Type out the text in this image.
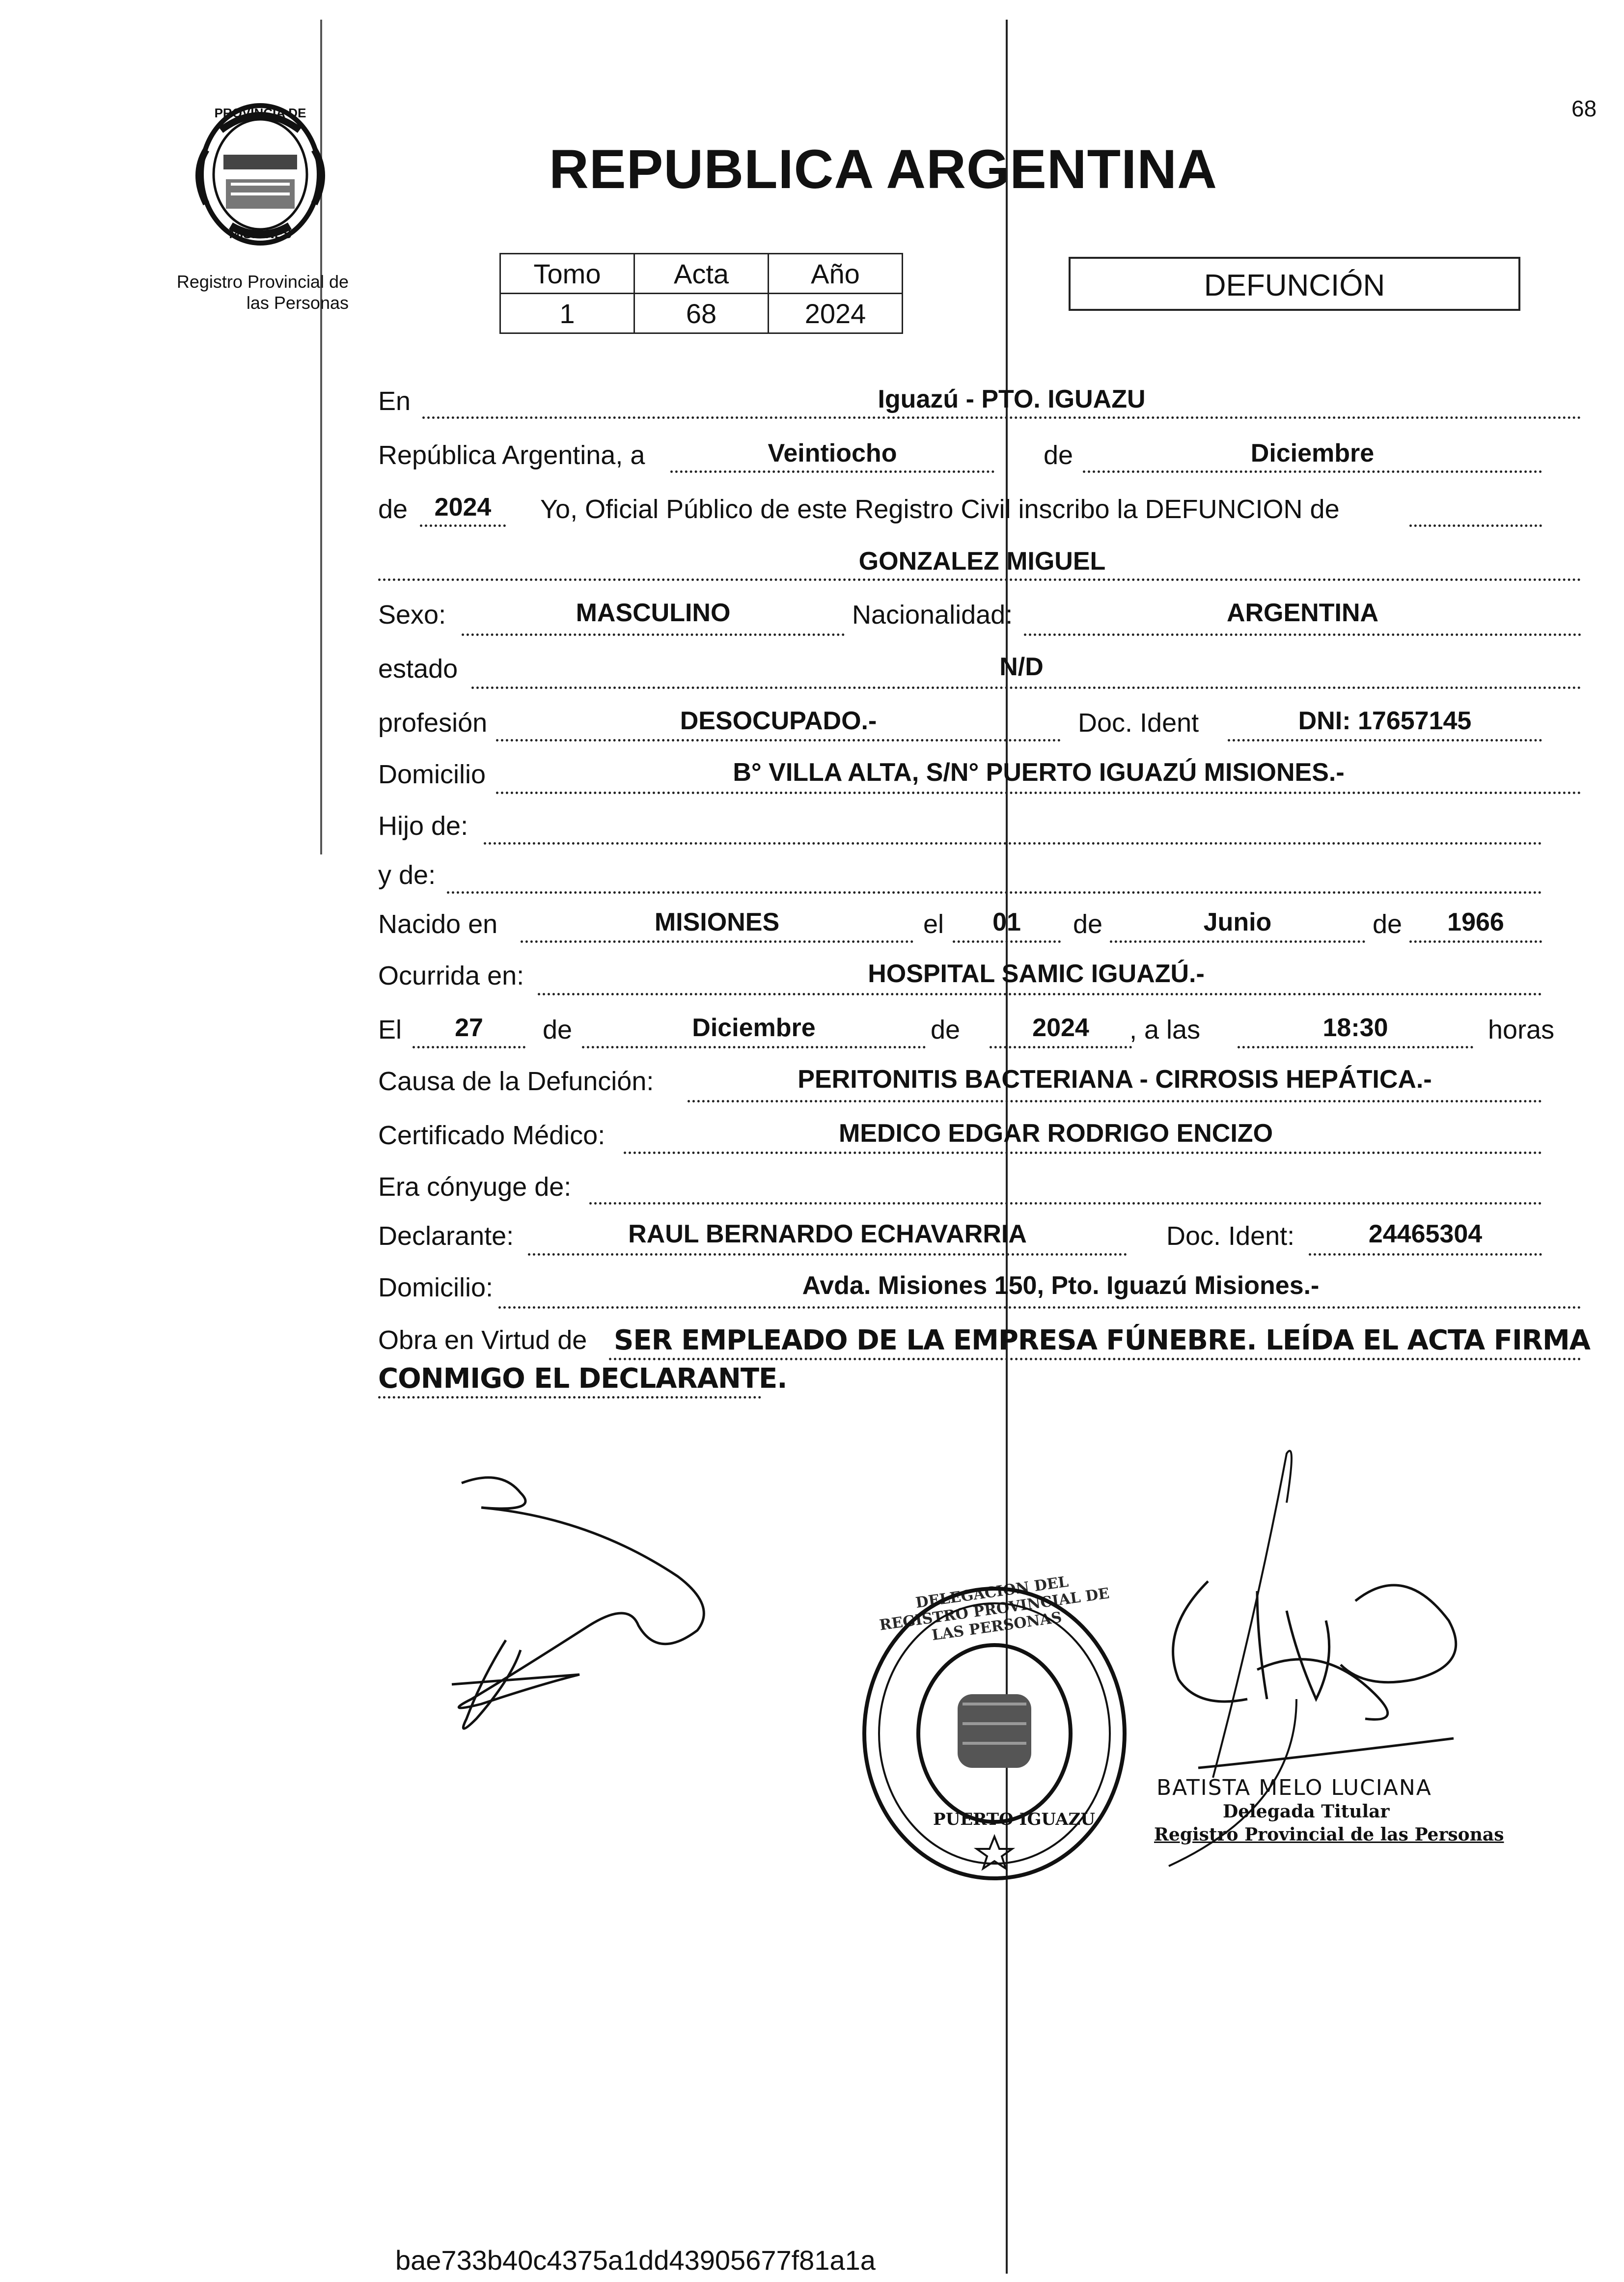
68
PROVINCIA DE
MISIONES
Registro Provincial de
las Personas
REPUBLICA ARGENTINA
Tomo	Acta	Año
1	68	2024
DEFUNCIÓN
En	Iguazú - PTO. IGUAZU
República Argentina, a	Veintiocho	de	Diciembre
de	2024	Yo, Oficial Público de este Registro Civil inscribo la DEFUNCION de
GONZALEZ MIGUEL
Sexo:	MASCULINO	Nacionalidad:	ARGENTINA
estado	N/D
profesión	DESOCUPADO.-	Doc. Ident	DNI: 17657145
Domicilio	B° VILLA ALTA, S/N° PUERTO IGUAZÚ MISIONES.-
Hijo de:
y de:
Nacido en	MISIONES	el	01	de	Junio	de	1966
Ocurrida en:	HOSPITAL SAMIC IGUAZÚ.-
El	27	de	Diciembre	de	2024	, a las	18:30	horas
Causa de la Defunción:	PERITONITIS BACTERIANA - CIRROSIS HEPÁTICA.-
Certificado Médico:	MEDICO EDGAR RODRIGO ENCIZO
Era cónyuge de:
Declarante:	RAUL BERNARDO ECHAVARRIA	Doc. Ident:	24465304
Domicilio:	Avda. Misiones 150, Pto. Iguazú Misiones.-
Obra en Virtud de SER EMPLEADO DE LA EMPRESA FÚNEBRE. LEÍDA EL ACTA FIRMA
CONMIGO EL DECLARANTE.
DELEGACION DEL REGISTRO PROVINCIAL DE LAS PERSONAS
PUERTO IGUAZU
BATISTA MELO LUCIANA
Delegada Titular
Registro Provincial de las Personas
bae733b40c4375a1dd43905677f81a1a
